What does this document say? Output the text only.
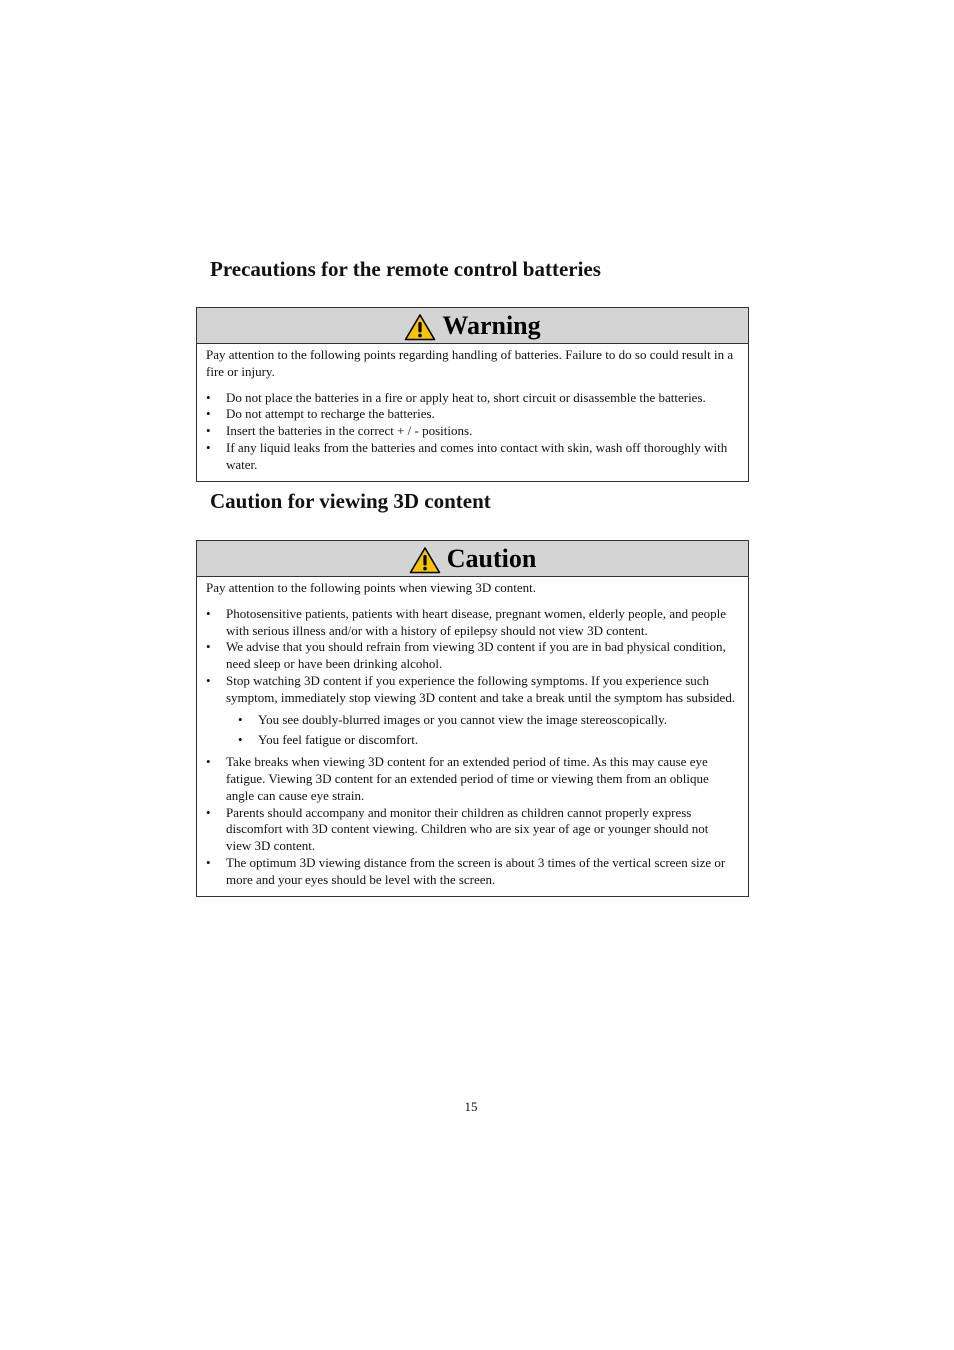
Precautions for the remote control batteries
Warning

Pay attention to the following points regarding handling of batteries. Failure to do so could result in a fire or injury.

• Do not place the batteries in a fire or apply heat to, short circuit or disassemble the batteries.
• Do not attempt to recharge the batteries.
• Insert the batteries in the correct + / - positions.
• If any liquid leaks from the batteries and comes into contact with skin, wash off thoroughly with water.
Caution for viewing 3D content
Caution

Pay attention to the following points when viewing 3D content.

• Photosensitive patients, patients with heart disease, pregnant women, elderly people, and people with serious illness and/or with a history of epilepsy should not view 3D content.
• We advise that you should refrain from viewing 3D content if you are in bad physical condition, need sleep or have been drinking alcohol.
• Stop watching 3D content if you experience the following symptoms. If you experience such symptom, immediately stop viewing 3D content and take a break until the symptom has subsided.
• You see doubly-blurred images or you cannot view the image stereoscopically.
• You feel fatigue or discomfort.
• Take breaks when viewing 3D content for an extended period of time. As this may cause eye fatigue. Viewing 3D content for an extended period of time or viewing them from an oblique angle can cause eye strain.
• Parents should accompany and monitor their children as children cannot properly express discomfort with 3D content viewing. Children who are six year of age or younger should not view 3D content.
• The optimum 3D viewing distance from the screen is about 3 times of the vertical screen size or more and your eyes should be level with the screen.
15
